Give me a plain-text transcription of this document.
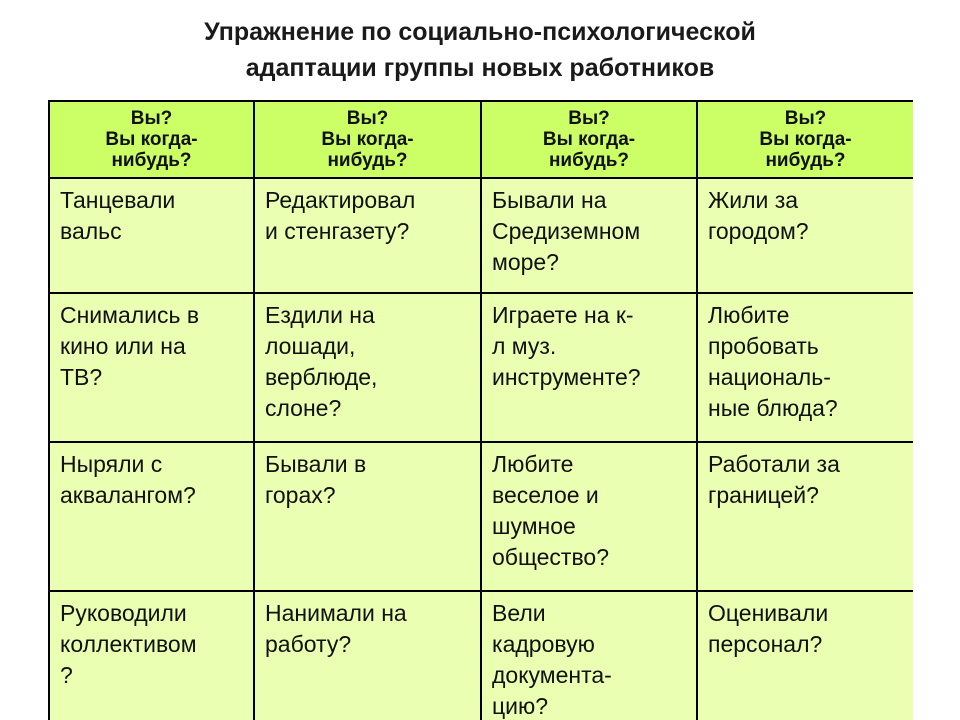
Упражнение по социально-психологической
адаптации группы новых работников
Вы?
Вы когда-
нибудь?	Вы?
Вы когда-
нибудь?	Вы?
Вы когда-
нибудь?	Вы?
Вы когда-
нибудь?

Танцевали
вальс	Редактировал
и стенгазету?	Бывали на
Средиземном
море?	Жили за
городом?

Снимались в
кино или на
ТВ?	Ездили на
лошади,
верблюде,
слоне?	Играете на к-
л муз.
инструменте?	Любите
пробовать
националь-
ные блюда?

Ныряли с
аквалангом?	Бывали в
горах?	Любите
веселое и
шумное
общество?	Работали за
границей?

Руководили
коллективом
?	Нанимали на
работу?	Вели
кадровую
документа-
цию?	Оценивали
персонал?
